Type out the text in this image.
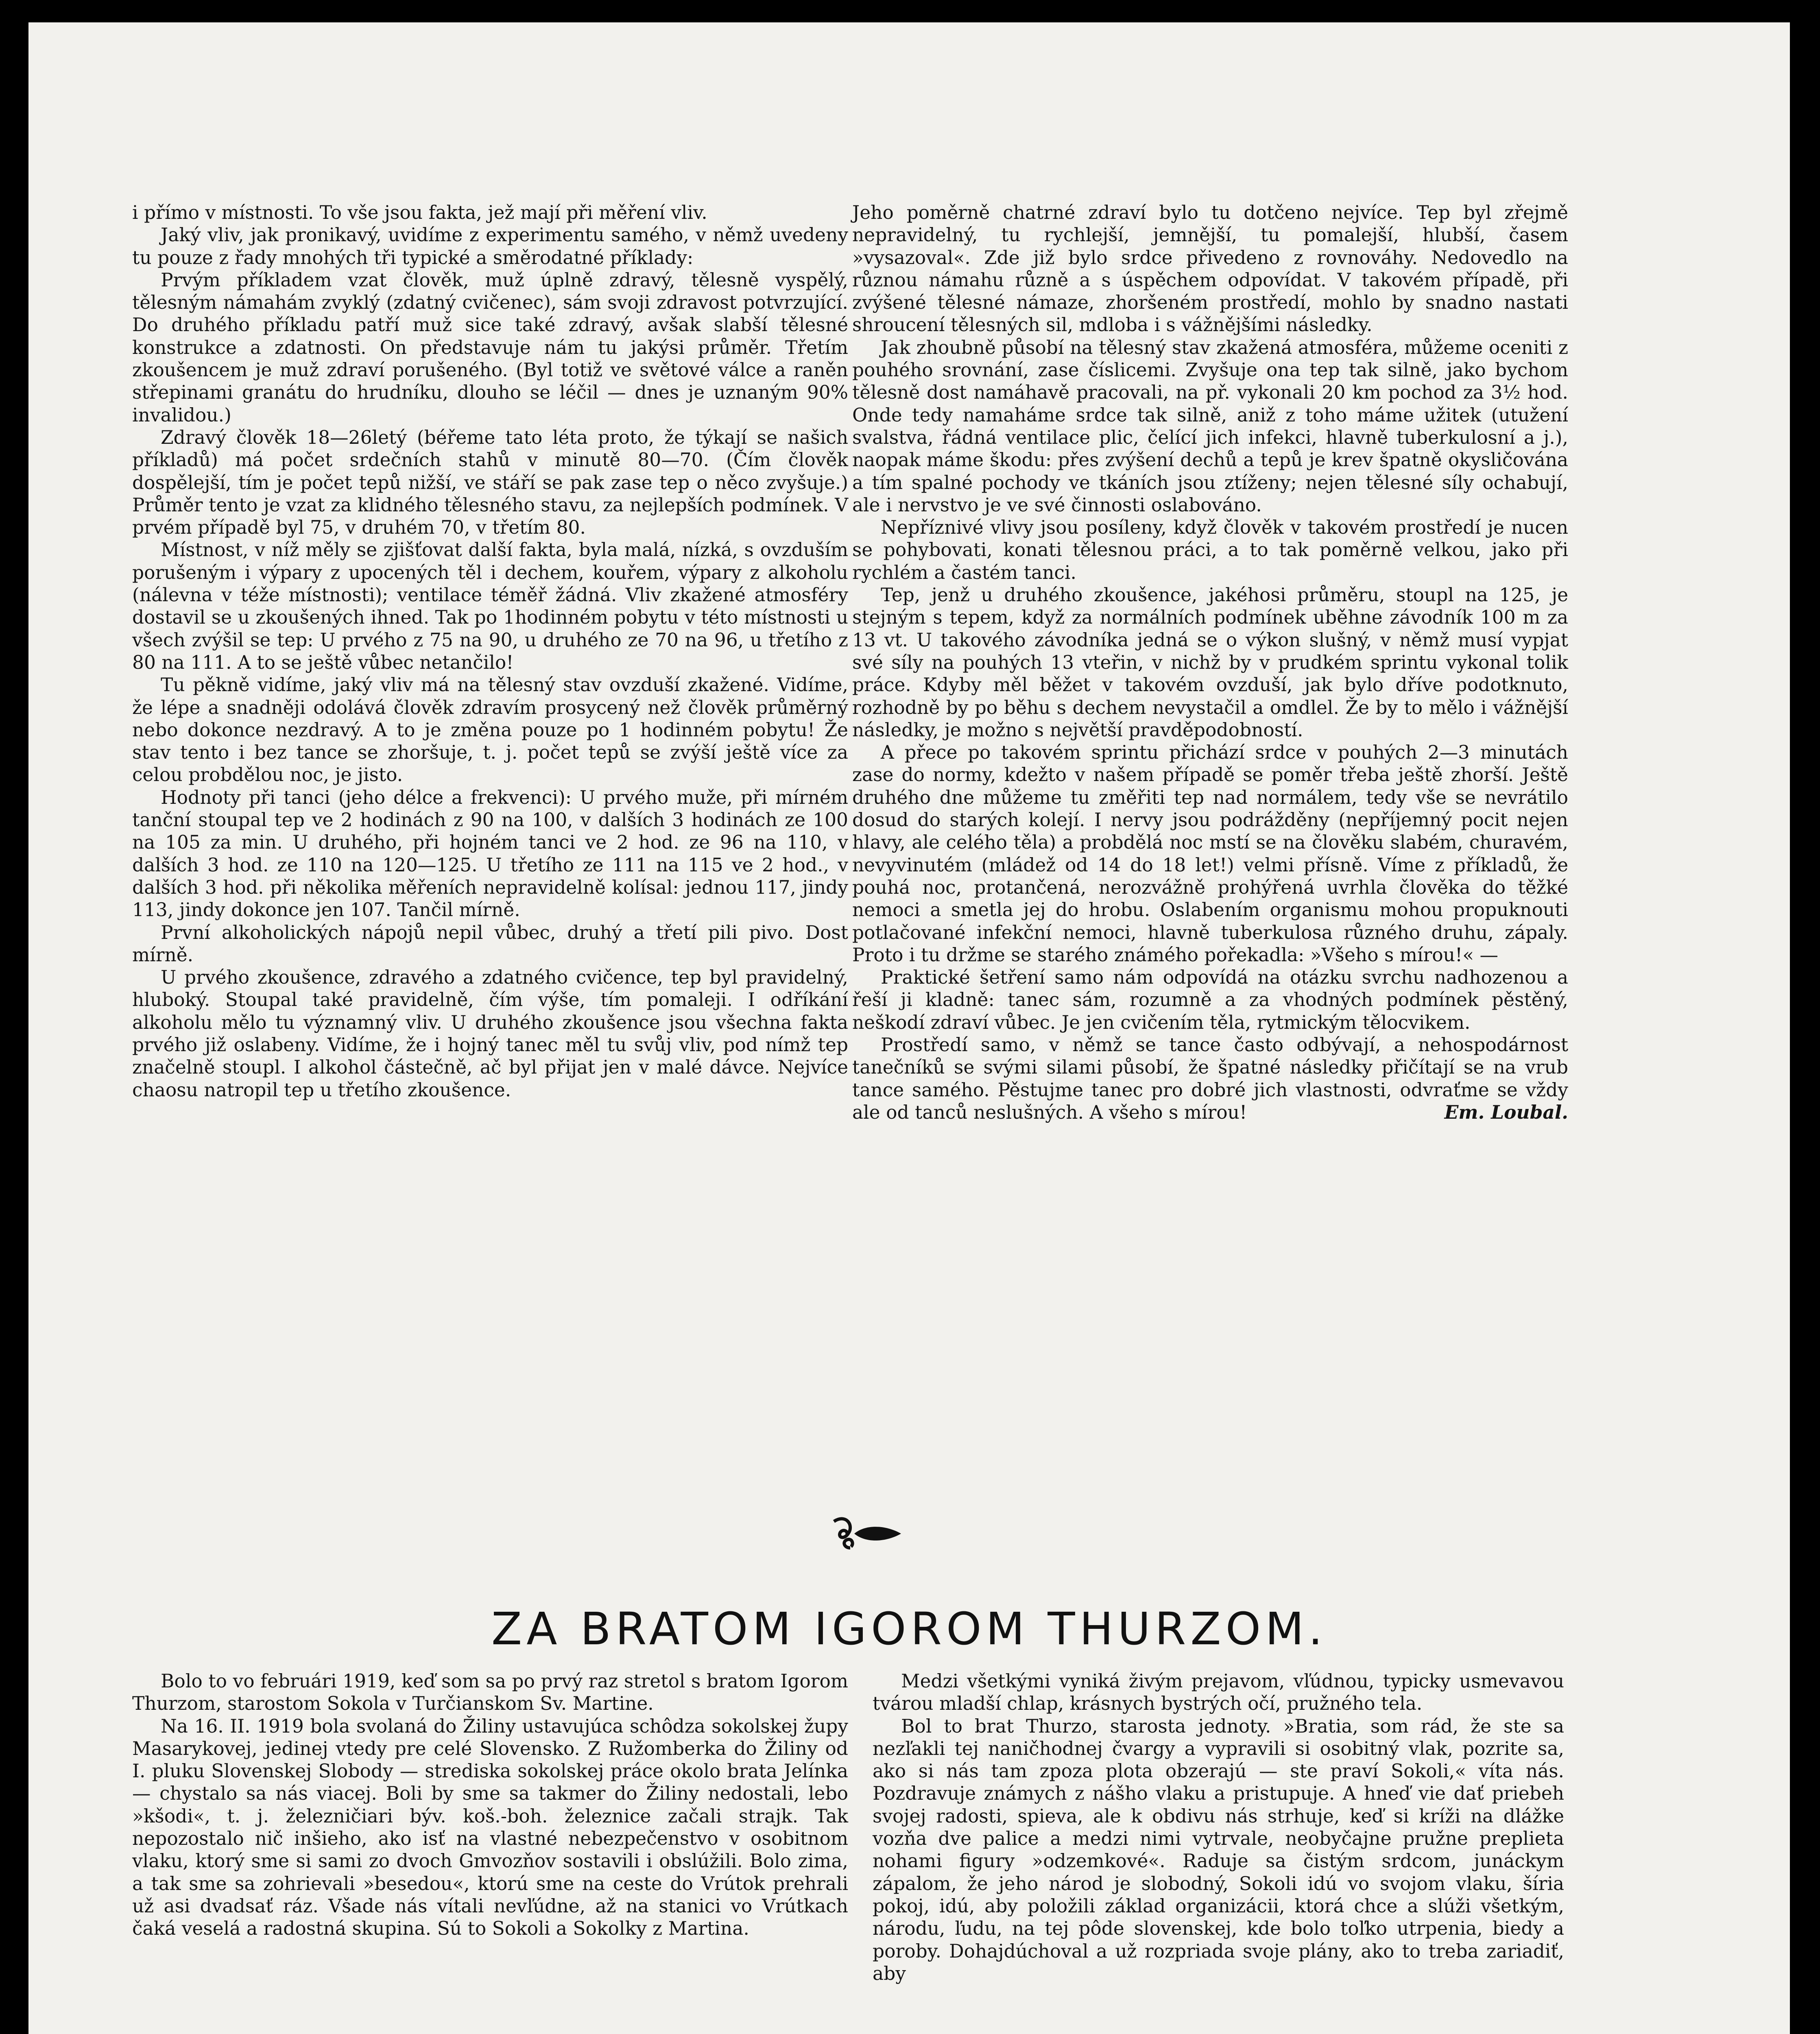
i přímo v místnosti. To vše jsou fakta, jež mají při měření vliv.

Jaký vliv, jak pronikavý, uvidíme z experimentu samého, v němž uvedeny tu pouze z řady mnohých tři typické a směrodatné příklady:

Prvým příkladem vzat člověk, muž úplně zdravý, tělesně vyspělý, tělesným námahám zvyklý (zdatný cvičenec), sám svoji zdravost potvrzující. Do druhého příkladu patří muž sice také zdravý, avšak slabší tělesné konstrukce a zdatnosti. On představuje nám tu jakýsi průměr. Třetím zkoušencem je muž zdraví porušeného. (Byl totiž ve světové válce a raněn střepinami granátu do hrudníku, dlouho se léčil — dnes je uznaným 90% invalidou.)

Zdravý člověk 18—26letý (béřeme tato léta proto, že týkají se našich příkladů) má počet srdečních stahů v minutě 80—70. (Čím člověk dospělejší, tím je počet tepů nižší, ve stáří se pak zase tep o něco zvyšuje.) Průměr tento je vzat za klidného tělesného stavu, za nejlepších podmínek. V prvém případě byl 75, v druhém 70, v třetím 80.

Místnost, v níž měly se zjišťovat další fakta, byla malá, nízká, s ovzduším porušeným i výpary z upocených těl i dechem, kouřem, výpary z alkoholu (nálevna v téže místnosti); ventilace téměř žádná. Vliv zkažené atmosféry dostavil se u zkoušených ihned. Tak po 1hodinném pobytu v této místnosti u všech zvýšil se tep: U prvého z 75 na 90, u druhého ze 70 na 96, u třetího z 80 na 111. A to se ještě vůbec netančilo!

Tu pěkně vidíme, jaký vliv má na tělesný stav ovzduší zkažené. Vidíme, že lépe a snadněji odolává člověk zdravím prosycený než člověk průměrný nebo dokonce nezdravý. A to je změna pouze po 1 hodinném pobytu! Že stav tento i bez tance se zhoršuje, t. j. počet tepů se zvýší ještě více za celou probdělou noc, je jisto.

Hodnoty při tanci (jeho délce a frekvenci): U prvého muže, při mírném tanční stoupal tep ve 2 hodinách z 90 na 100, v dalších 3 hodinách ze 100 na 105 za min. U druhého, při hojném tanci ve 2 hod. ze 96 na 110, v dalších 3 hod. ze 110 na 120—125. U třetího ze 111 na 115 ve 2 hod., v dalších 3 hod. při několika měřeních nepravidelně kolísal: jednou 117, jindy 113, jindy dokonce jen 107. Tančil mírně.

První alkoholických nápojů nepil vůbec, druhý a třetí pili pivo. Dost mírně.

U prvého zkoušence, zdravého a zdatného cvičence, tep byl pravidelný, hluboký. Stoupal také pravidelně, čím výše, tím pomaleji. I odříkání alkoholu mělo tu významný vliv. U druhého zkoušence jsou všechna fakta prvého již oslabeny. Vidíme, že i hojný tanec měl tu svůj vliv, pod nímž tep značelně stoupl. I alkohol částečně, ač byl přijat jen v malé dávce. Nejvíce chaosu natropil tep u třetího zkoušence.

Jeho poměrně chatrné zdraví bylo tu dotčeno nejvíce. Tep byl zřejmě nepravidelný, tu rychlejší, jemnější, tu pomalejší, hlubší, časem »vysazoval«. Zde již bylo srdce přivedeno z rovnováhy. Nedovedlo na různou námahu různě a s úspěchem odpovídat. V takovém případě, při zvýšené tělesné námaze, zhoršeném prostředí, mohlo by snadno nastati shroucení tělesných sil, mdloba i s vážnějšími následky.

Jak zhoubně působí na tělesný stav zkažená atmosféra, můžeme oceniti z pouhého srovnání, zase číslicemi. Zvyšuje ona tep tak silně, jako bychom tělesně dost namáhavě pracovali, na př. vykonali 20 km pochod za 3½ hod. Onde tedy namaháme srdce tak silně, aniž z toho máme užitek (utužení svalstva, řádná ventilace plic, čelící jich infekci, hlavně tuberkulosní a j.), naopak máme škodu: přes zvýšení dechů a tepů je krev špatně okysličována a tím spalné pochody ve tkáních jsou ztíženy; nejen tělesné síly ochabují, ale i nervstvo je ve své činnosti oslabováno.

Nepříznivé vlivy jsou posíleny, když člověk v takovém prostředí je nucen se pohybovati, konati tělesnou práci, a to tak poměrně velkou, jako při rychlém a častém tanci.

Tep, jenž u druhého zkoušence, jakéhosi průměru, stoupl na 125, je stejným s tepem, když za normálních podmínek uběhne závodník 100 m za 13 vt. U takového závodníka jedná se o výkon slušný, v němž musí vypjat své síly na pouhých 13 vteřin, v nichž by v prudkém sprintu vykonal tolik práce. Kdyby měl běžet v takovém ovzduší, jak bylo dříve podotknuto, rozhodně by po běhu s dechem nevystačil a omdlel. Že by to mělo i vážnější následky, je možno s největší pravděpodobností.

A přece po takovém sprintu přichází srdce v pouhých 2—3 minutách zase do normy, kdežto v našem případě se poměr třeba ještě zhorší. Ještě druhého dne můžeme tu změřiti tep nad normálem, tedy vše se nevrátilo dosud do starých kolejí. I nervy jsou podrážděny (nepříjemný pocit nejen hlavy, ale celého těla) a probdělá noc mstí se na člověku slabém, churavém, nevyvinutém (mládež od 14 do 18 let!) velmi přísně. Víme z příkladů, že pouhá noc, protančená, nerozvážně prohýřená uvrhla člověka do těžké nemoci a smetla jej do hrobu. Oslabením organismu mohou propuknouti potlačované infekční nemoci, hlavně tuberkulosa různého druhu, zápaly. Proto i tu držme se starého známého pořekadla: »Všeho s mírou!« —

Praktické šetření samo nám odpovídá na otázku svrchu nadhozenou a řeší ji kladně: tanec sám, rozumně a za vhodných podmínek pěstěný, neškodí zdraví vůbec. Je jen cvičením těla, rytmickým tělocvikem.

Prostředí samo, v němž se tance často odbývají, a nehospodárnost tanečníků se svými silami působí, že špatné následky přičítají se na vrub tance samého. Pěstujme tanec pro dobré jich vlastnosti, odvraťme se vždy ale od tanců neslušných. A všeho s mírou!	Em. Loubal.

ZA BRATOM IGOROM THURZOM.

Bolo to vo februári 1919, keď som sa po prvý raz stretol s bratom Igorom Thurzom, starostom Sokola v Turčianskom Sv. Martine.

Na 16. II. 1919 bola svolaná do Žiliny ustavujúca schôdza sokolskej župy Masarykovej, jedinej vtedy pre celé Slovensko. Z Ružomberka do Žiliny od I. pluku Slovenskej Slobody — strediska sokolskej práce okolo brata Jelínka — chystalo sa nás viacej. Boli by sme sa takmer do Žiliny nedostali, lebo »kšodi«, t. j. železničiari býv. koš.-boh. železnice začali strajk. Tak nepozostalo nič inšieho, ako isť na vlastné nebezpečenstvo v osobitnom vlaku, ktorý sme si sami zo dvoch Gmvozňov sostavili i obslúžili. Bolo zima, a tak sme sa zohrievali »besedou«, ktorú sme na ceste do Vrútok prehrali už asi dvadsať ráz. Všade nás vítali nevľúdne, až na stanici vo Vrútkach čaká veselá a radostná skupina. Sú to Sokoli a Sokolky z Martina.

Medzi všetkými vyniká živým prejavom, vľúdnou, typicky usmevavou tvárou mladší chlap, krásnych bystrých očí, pružného tela.

Bol to brat Thurzo, starosta jednoty. »Bratia, som rád, že ste sa nezľakli tej naničhodnej čvargy a vypravili si osobitný vlak, pozrite sa, ako si nás tam zpoza plota obzerajú — ste praví Sokoli,« víta nás. Pozdravuje známych z nášho vlaku a pristupuje. A hneď vie dať priebeh svojej radosti, spieva, ale k obdivu nás strhuje, keď si kríži na dlážke vozňa dve palice a medzi nimi vytrvale, neobyčajne pružne preplieta nohami figury »odzemkové«. Raduje sa čistým srdcom, junáckym zápalom, že jeho národ je slobodný, Sokoli idú vo svojom vlaku, šíria pokoj, idú, aby položili základ organizácii, ktorá chce a slúži všetkým, národu, ľudu, na tej pôde slovenskej, kde bolo toľko utrpenia, biedy a poroby. Dohajdúchoval a už rozpriada svoje plány, ako to treba zariadiť, aby
